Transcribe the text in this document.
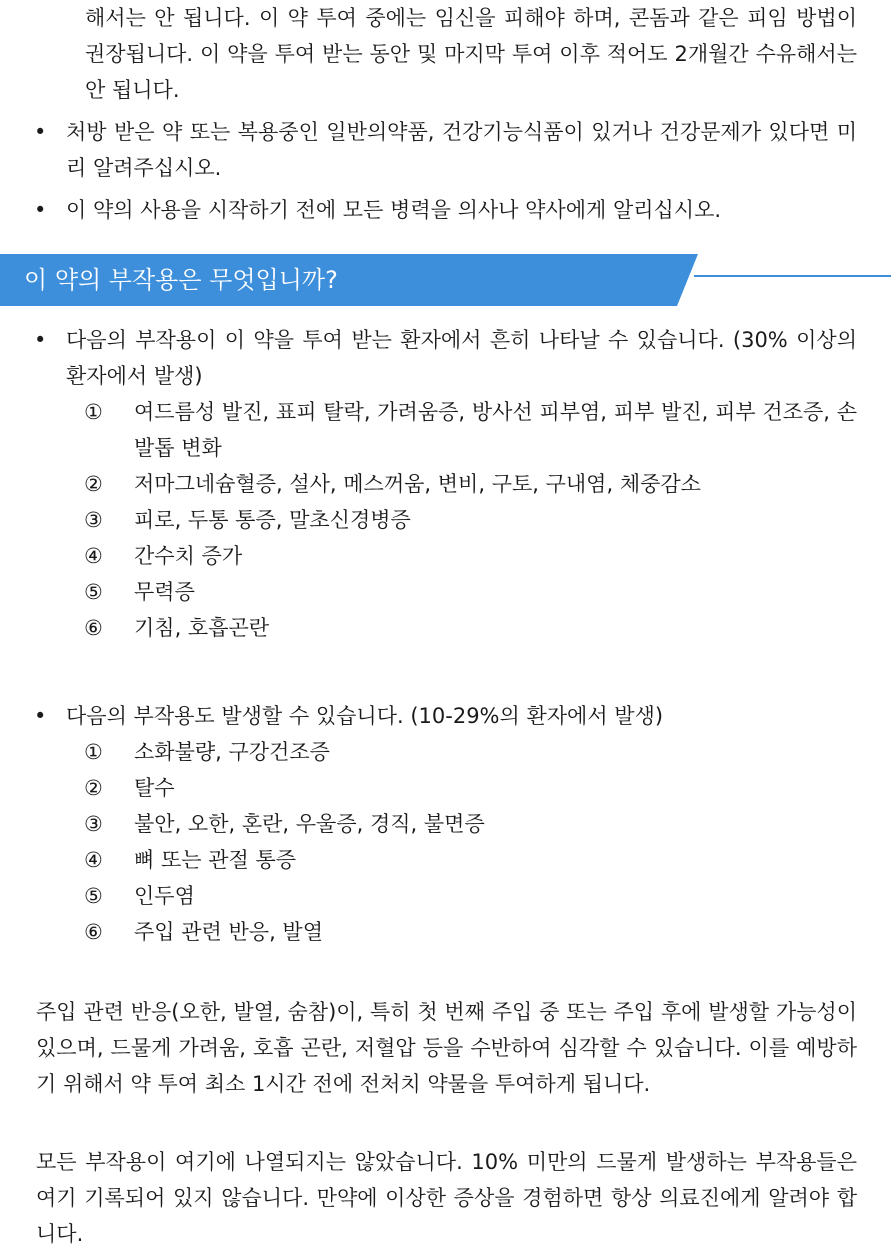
해서는 안 됩니다. 이 약 투여 중에는 임신을 피해야 하며, 콘돔과 같은 피임 방법이 권장됩니다. 이 약을 투여 받는 동안 및 마지막 투여 이후 적어도 2개월간 수유해서는 안 됩니다.

• 처방 받은 약 또는 복용중인 일반의약품, 건강기능식품이 있거나 건강문제가 있다면 미리 알려주십시오.
• 이 약의 사용을 시작하기 전에 모든 병력을 의사나 약사에게 알리십시오.
이 약의 부작용은 무엇입니까?
• 다음의 부작용이 이 약을 투여 받는 환자에서 흔히 나타날 수 있습니다. (30% 이상의 환자에서 발생)
① 여드름성 발진, 표피 탈락, 가려움증, 방사선 피부염, 피부 발진, 피부 건조증, 손발톱 변화
② 저마그네슘혈증, 설사, 메스꺼움, 변비, 구토, 구내염, 체중감소
③ 피로, 두통 통증, 말초신경병증
④ 간수치 증가
⑤ 무력증
⑥ 기침, 호흡곤란
• 다음의 부작용도 발생할 수 있습니다. (10-29%의 환자에서 발생)
① 소화불량, 구강건조증
② 탈수
③ 불안, 오한, 혼란, 우울증, 경직, 불면증
④ 뼈 또는 관절 통증
⑤ 인두염
⑥ 주입 관련 반응, 발열

주입 관련 반응(오한, 발열, 숨참)이, 특히 첫 번째 주입 중 또는 주입 후에 발생할 가능성이 있으며, 드물게 가려움, 호흡 곤란, 저혈압 등을 수반하여 심각할 수 있습니다. 이를 예방하기 위해서 약 투여 최소 1시간 전에 전처치 약물을 투여하게 됩니다.

모든 부작용이 여기에 나열되지는 않았습니다. 10% 미만의 드물게 발생하는 부작용들은 여기 기록되어 있지 않습니다. 만약에 이상한 증상을 경험하면 항상 의료진에게 알려야 합니다.
